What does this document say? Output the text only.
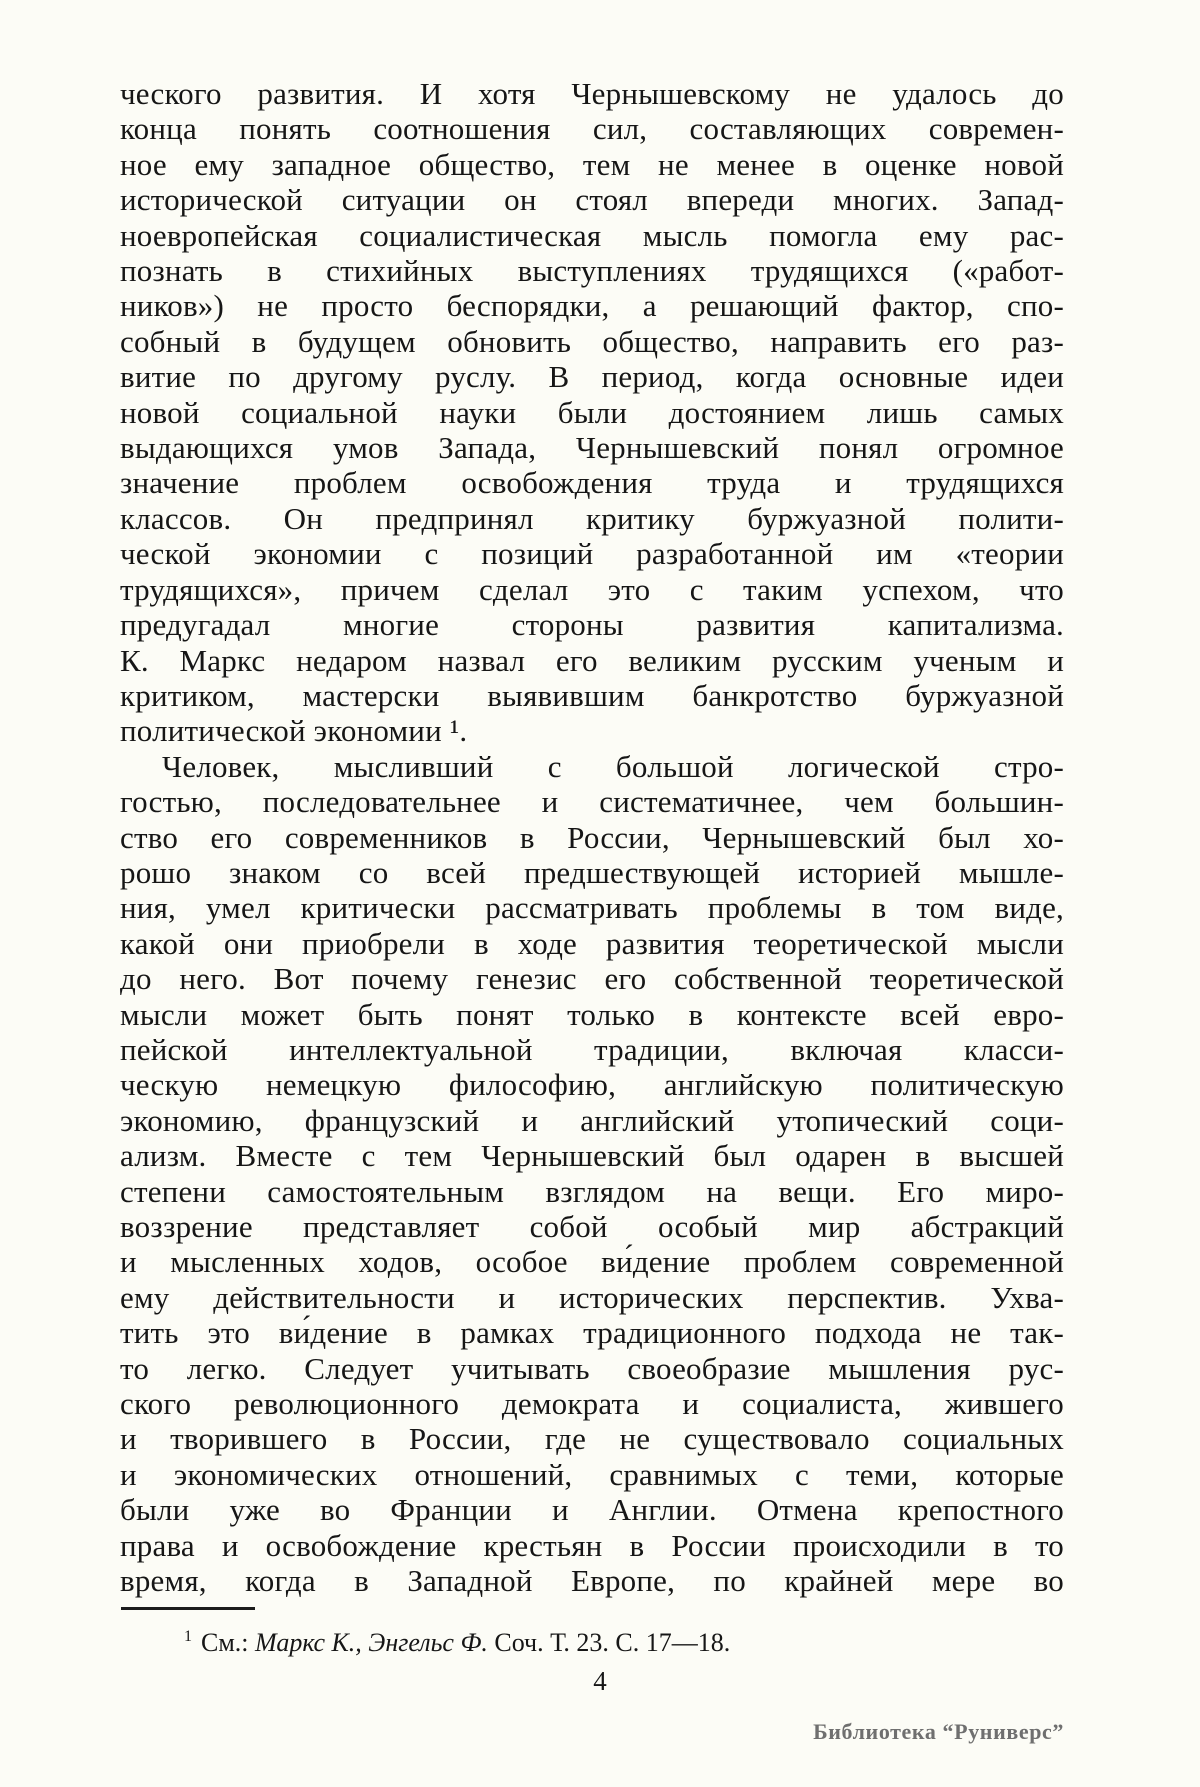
ческого развития. И хотя Чернышевскому не удалось до
конца понять соотношения сил, составляющих современ-
ное ему западное общество, тем не менее в оценке новой
исторической ситуации он стоял впереди многих. Запад-
ноевропейская социалистическая мысль помогла ему рас-
познать в стихийных выступлениях трудящихся («работ-
ников») не просто беспорядки, а решающий фактор, спо-
собный в будущем обновить общество, направить его раз-
витие по другому руслу. В период, когда основные идеи
новой социальной науки были достоянием лишь самых
выдающихся умов Запада, Чернышевский понял огромное
значение проблем освобождения труда и трудящихся
классов. Он предпринял критику буржуазной полити-
ческой экономии с позиций разработанной им «теории
трудящихся», причем сделал это с таким успехом, что
предугадал многие стороны развития капитализма.
К. Маркс недаром назвал его великим русским ученым и
критиком, мастерски выявившим банкротство буржуазной
политической экономии ¹.
Человек, мысливший с большой логической стро-
гостью, последовательнее и систематичнее, чем большин-
ство его современников в России, Чернышевский был хо-
рошо знаком со всей предшествующей историей мышле-
ния, умел критически рассматривать проблемы в том виде,
какой они приобрели в ходе развития теоретической мысли
до него. Вот почему генезис его собственной теоретической
мысли может быть понят только в контексте всей евро-
пейской интеллектуальной традиции, включая класси-
ческую немецкую философию, английскую политическую
экономию, французский и английский утопический соци-
ализм. Вместе с тем Чернышевский был одарен в высшей
степени самостоятельным взглядом на вещи. Его миро-
воззрение представляет собой особый мир абстракций
и мысленных ходов, особое ви́дение проблем современной
ему действительности и исторических перспектив. Ухва-
тить это ви́дение в рамках традиционного подхода не так-
то легко. Следует учитывать своеобразие мышления рус-
ского революционного демократа и социалиста, жившего
и творившего в России, где не существовало социальных
и экономических отношений, сравнимых с теми, которые
были уже во Франции и Англии. Отмена крепостного
права и освобождение крестьян в России происходили в то
время, когда в Западной Европе, по крайней мере во
1 См.: Маркс К., Энгельс Ф. Соч. Т. 23. С. 17—18.
4
Библиотека “Руниверс”
